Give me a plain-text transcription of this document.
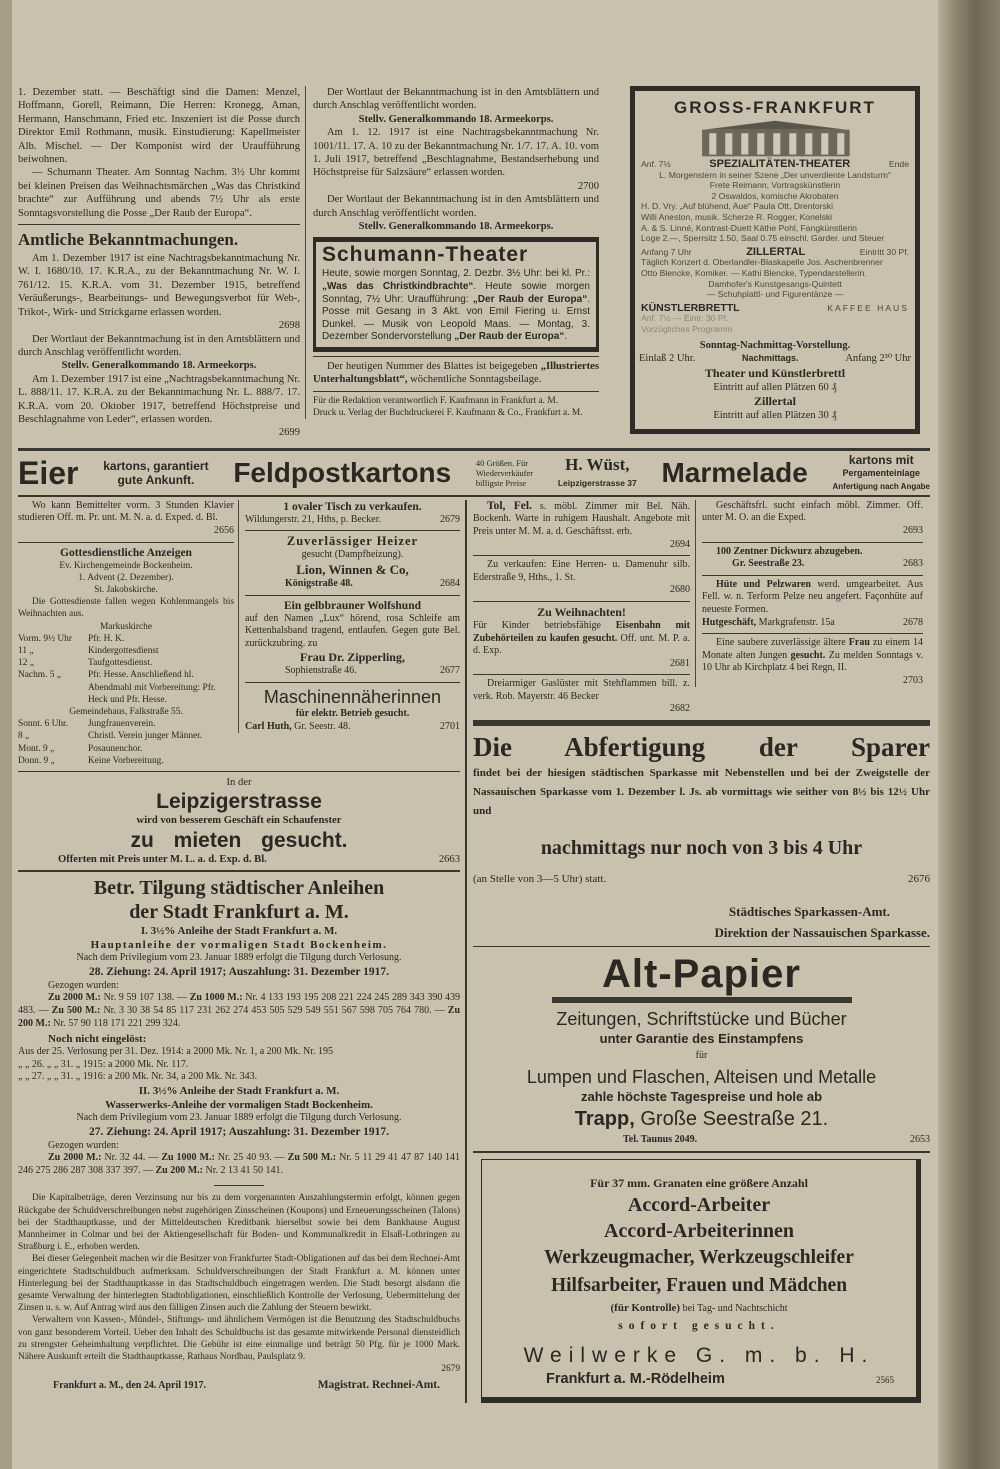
1. Dezember statt. — Beschäftigt sind die Damen: Menzel, Hoffmann, Gorell, Reimann, Die Herren: Kronegg, Aman, Hermann, Hanschmann, Fried etc. Inszeniert ist die Posse durch Direktor Emil Rothmann, musik. Einstudierung: Kapellmeister Alb. Mischel. — Der Komponist wird der Uraufführung beiwohnen.

— Schumann Theater. Am Sonntag Nachm. 3½ Uhr kommt bei kleinen Preisen das Weihnachtsmärchen „Was das Christkind brachte“ zur Aufführung und abends 7½ Uhr als erste Sonntagsvorstellung die Posse „Der Raub der Europa“.

Amtliche Bekanntmachungen.

Am 1. Dezember 1917 ist eine Nachtragsbekanntmachung Nr. W. I. 1680/10. 17. K.R.A., zu der Bekanntmachung Nr. W. I. 761/12. 15. K.R.A. vom 31. Dezember 1915, betreffend Veräußerungs-, Bearbeitungs- und Bewegungsverbot für Web-, Trikot-, Wirk- und Strickgarne erlassen worden.

2698

Der Wortlaut der Bekanntmachung ist in den Amtsblättern und durch Anschlag veröffentlicht worden.

Stellv. Generalkommando 18. Armeekorps.

Am 1. Dezember 1917 ist eine „Nachtragsbekanntmachung Nr. L. 888/11. 17. K.R.A. zu der Bekanntmachung Nr. L. 888/7. 17. K.R.A. vom 20. Oktober 1917, betreffend Höchstpreise und Beschlagnahme von Leder“, erlassen worden.

2699

Der Wortlaut der Bekanntmachung ist in den Amtsblättern und durch Anschlag veröffentlicht worden.

Stellv. Generalkommando 18. Armeekorps.

Am 1. 12. 1917 ist eine Nachtragsbekanntmachung Nr. 1001/11. 17. A. 10 zu der Bekanntmachung Nr. 1/7. 17. A. 10. vom 1. Juli 1917, betreffend „Beschlagnahme, Bestandserhebung und Höchstpreise für Salzsäure“ erlassen worden.

2700

Der Wortlaut der Bekanntmachung ist in den Amtsblättern und durch Anschlag veröffentlicht worden.

Stellv. Generalkommando 18. Armeekorps.
Schumann-Theater

Heute, sowie morgen Sonntag, 2. Dezbr. 3½ Uhr: bei kl. Pr.: „Was das Christkindbrachte“. Heute sowie morgen Sonntag, 7½ Uhr: Uraufführung: „Der Raub der Europa“. Posse mit Gesang in 3 Akt. von Emil Fiering u. Ernst Dunkel. — Musik von Leopold Maas. — Montag, 3. Dezember Sondervorstellung „Der Raub der Europa“.

Der heutigen Nummer des Blattes ist beigegeben „Illustriertes Unterhaltungsblatt“, wöchentliche Sonntagsbeilage.

Für die Redaktion verantwortlich F. Kaufmann in Frankfurt a. M.
Druck u. Verlag der Buchdruckerei F. Kaufmann & Co., Frankfurt a. M.
GROSS-FRANKFURT
Anf. 7½	SPEZIALITÄTEN-THEATER	Ende
L. Morgenstern in seiner Szene „Der unverdiente Landsturm“
Frete Reimann, Vortragskünstlerin
2 Oswaldos, komische Akrobaten
H. D. Vry. „Auf blühend, Aue“ Paula Ott, Drentorski
Willi Aneston, musik. Scherze R. Rogger, Konelski
A. & S. Linné, Kontrast-Duett Käthe Pohl, Fangkünstlerin
Loge 2.—, Sperrsitz 1.50, Saal 0.75 einschl. Garder. und Steuer
Anfang 7 Uhr	ZILLERTAL	Eintritt 30 Pf.
Täglich Konzert d. Oberlandler-Blaskapelle Jos. Aschenbrenner
Otto Blencke, Komiker. — Kathi Blencke, Typendarstellerin.
Damhofer's Kunstgesangs-Quintett
— Schuhplattl- und Figurentänze —
KÜNSTLERBRETTL	KAFFEE HAUS
Anf. 7½ — Eintr. 30 Pf.
Vorzügliches Programm
Sonntag-Nachmittag-Vorstellung.
Einlaß 2 Uhr.	Nachmittags.	Anfang 2³⁰ Uhr
Theater und Künstlerbrettl
Eintritt auf allen Plätzen 60 ₰
Zillertal
Eintritt auf allen Plätzen 30 ₰
Eier kartons, garantiert
gute Ankunft.	Feldpostkartons	40 Größen. Für
Wiederverkäufer
billigste Preise
H. Wüst,
Leipzigerstrasse 37 Marmelade	kartons mit
Pergamenteinlage
Anfertigung nach Angabe

Wo kann Bemittelter vorm. 3 Stunden Klavier studieren Off. m. Pr. unt. M. N. a. d. Exped. d. Bl.

2656
Gottesdienstliche Anzeigen
Ev. Kirchengemeinde Bockenheim.
1. Advent (2. Dezember).
St. Jakobskirche.

Die Gottesdienste fallen wegen Kohlenmangels bis Weihnachten aus.

Markuskirche
Vorm. 9½ Uhr	Pfr. H. K.
11 „	Kindergottesdienst
12 „	Taufgottesdienst.
Nachm. 5 „	Pfr. Hesse. Anschließend hl. Abendmahl mit Vorbereitung: Pfr. Heck und Pfr. Hesse.
Gemeindehaus, Falkstraße 55.
Sonnt. 6 Uhr.	Jungfrauenverein.
8 „	Christl. Verein junger Männer.
Mont. 9 „	Posaunenchor.
Donn. 9 „	Keine Vorbereitung.
1 ovaler Tisch zu verkaufen.
Wildungerstr. 21, Hths, p. Becker.	2679
Zuverlässiger Heizer
gesucht (Dampfheizung).
Lion, Winnen & Co,
Königstraße 48.	2684
Ein gelbbrauner Wolfshund

auf den Namen „Lux“ hörend, rosa Schleife am Kettenhalsband tragend, entlaufen. Gegen gute Bel. zurückzubring. zu

Frau Dr. Zipperling,
Sophienstraße 46.	2677
Maschinennäherinnen
für elektr. Betrieb gesucht.
Carl Huth, Gr. Seestr. 48.	2701
In der
Leipzigerstrasse
wird von besserem Geschäft ein Schaufenster
zu mieten gesucht.
Offerten mit Preis unter M. L. a. d. Exp. d. Bl.	2663
Betr. Tilgung städtischer Anleihen
der Stadt Frankfurt a. M.
I. 3½% Anleihe der Stadt Frankfurt a. M.
Hauptanleihe der vormaligen Stadt Bockenheim.
Nach dem Privilegium vom 23. Januar 1889 erfolgt die Tilgung durch Verlosung.
28. Ziehung: 24. April 1917; Auszahlung: 31. Dezember 1917.
Gezogen wurden:

Zu 2000 M.: Nr. 9 59 107 138. — Zu 1000 M.: Nr. 4 133 193 195 208 221 224 245 289 343 390 439 483. — Zu 500 M.: Nr. 3 30 38 54 85 117 231 262 274 453 505 529 549 551 567 598 705 764 780. — Zu 200 M.: Nr. 57 90 118 171 221 299 324.

Noch nicht eingelöst:
Aus der 25. Verlosung per 31. Dez. 1914: a 2000 Mk. Nr. 1, a 200 Mk. Nr. 195
„ „ 26. „ „ 31. „ 1915: a 2000 Mk. Nr. 117.
„ „ 27. „ „ 31. „ 1916: a 200 Mk. Nr. 34, a 200 Mk. Nr. 343.
II. 3½% Anleihe der Stadt Frankfurt a. M.
Wasserwerks-Anleihe der vormaligen Stadt Bockenheim.
Nach dem Privilegium vom 23. Januar 1889 erfolgt die Tilgung durch Verlosung.
27. Ziehung: 24. April 1917; Auszahlung: 31. Dezember 1917.
Gezogen wurden:

Zu 2000 M.: Nr. 32 44. — Zu 1000 M.: Nr. 25 40 93. — Zu 500 M.: Nr. 5 11 29 41 47 87 140 141 246 275 286 287 308 337 397. — Zu 200 M.: Nr. 2 13 41 50 141.

Die Kapitalbeträge, deren Verzinsung nur bis zu dem vorgenannten Auszahlungstermin erfolgt, können gegen Rückgabe der Schuldverschreibungen nebst zugehörigen Zinsscheinen (Koupons) und Erneuerungsscheinen (Talons) bei der Stadthauptkasse, und der Mitteldeutschen Kreditbank hierselbst sowie bei dem Bankhause August Mannheimer in Colmar und bei der Aktiengesellschaft für Boden- und Kommunalkredit in Elsaß-Lothringen zu Straßburg i. E., erhoben werden.

Bei dieser Gelegenheit machen wir die Besitzer von Frankfurter Stadt-Obligationen auf das bei dem Rechnei-Amt eingerichtete Stadtschuldbuch aufmerksam. Schuldverschreibungen der Stadt Frankfurt a. M. können unter Hinterlegung bei der Stadthauptkasse in das Stadtschuldbuch eingetragen werden. Die Stadt besorgt alsdann die gesamte Verwaltung der hinterlegten Stadtobligationen, einschließlich Kontrolle der Verlosung, Uebermittelung der Zinsen u. s. w. Auf Antrag wird aus den fälligen Zinsen auch die Zahlung der Steuern bewirkt.

Verwaltern von Kassen-, Mündel-, Stiftungs- und ähnlichem Vermögen ist die Benutzung des Stadtschuldbuchs von ganz besonderem Vorteil. Ueber den Inhalt des Schuldbuchs ist das gesamte mitwirkende Personal diensteidlich zu strengster Geheimhaltung verpflichtet. Die Gebühr ist eine einmalige und beträgt 50 Pfg. für je 1000 Mark. Nähere Auskunft erteilt die Stadthauptkasse, Rathaus Nordbau, Paulsplatz 9.

2679
Frankfurt a. M., den 24. April 1917.	Magistrat. Rechnei-Amt.

Tol, Fel. s. möbl. Zimmer mit Bel. Näh. Bockenh. Warte in ruhigem Haushalt. Angebote mit Preis unter M. M. a. d. Geschäftsst. erb.

2694

Zu verkaufen: Eine Herren- u. Damenuhr silb. Ederstraße 9, Hths., 1. St.

2680
Zu Weihnachten!

Für Kinder betriebsfähige Eisenbahn mit Zubehörteilen zu kaufen gesucht. Off. unt. M. P. a. d. Exp.

2681

Dreiarmiger Gaslüster mit Stehflammen bill. z. verk. Rob. Mayerstr. 46 Becker

2682

Geschäftsfrl. sucht einfach möbl. Zimmer. Off. unter M. O. an die Exped.

2693

100 Zentner Dickwurz abzugeben.

Gr. Seestraße 23.	2683

Hüte und Pelzwaren werd. umgearbeitet. Aus Fell. w. n. Terform Pelze neu angefert. Façonhüte auf neueste Formen.

Hutgeschäft, Markgrafenstr. 15a	2678

Eine saubere zuverlässige ältere Frau zu einem 14 Monate alten Jungen gesucht. Zu melden Sonntags v. 10 Uhr ab Kirchplatz 4 bei Regn, II.

2703
Die Abfertigung der Sparer

findet bei der hiesigen städtischen Sparkasse mit Nebenstellen und bei der Zweigstelle der Nassauischen Sparkasse vom 1. Dezember l. Js. ab vormittags wie seither von 8½ bis 12½ Uhr und

nachmittags nur noch von 3 bis 4 Uhr
(an Stelle von 3—5 Uhr) statt.	2676
Städtisches Sparkassen-Amt.
Direktion der Nassauischen Sparkasse.
Alt-Papier
Zeitungen, Schriftstücke und Bücher
unter Garantie des Einstampfens
für
Lumpen und Flaschen, Alteisen und Metalle
zahle höchste Tagespreise und hole ab
Trapp, Große Seestraße 21.
Tel. Taunus 2049.	2653
Für 37 mm. Granaten eine größere Anzahl
Accord-Arbeiter
Accord-Arbeiterinnen
Werkzeugmacher, Werkzeugschleifer
Hilfsarbeiter, Frauen und Mädchen
(für Kontrolle) bei Tag- und Nachtschicht
sofort gesucht.
Weilwerke G. m. b. H.
Frankfurt a. M.-Rödelheim	2565
